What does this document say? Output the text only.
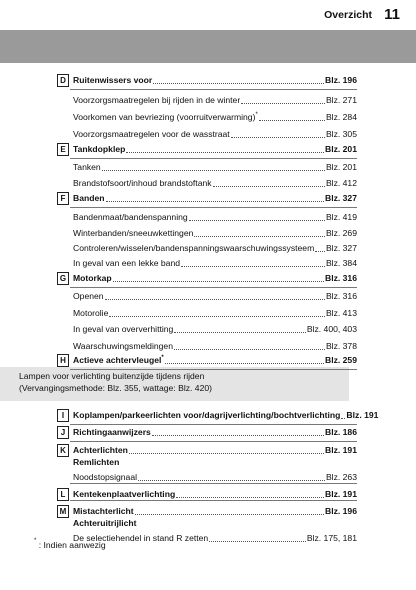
Overzicht 11
Lampen voor verlichting buitenzijde tijdens rijden
(Vervangingsmethode: Blz. 355, wattage: Blz. 420)
D Ruitenwissers voor	Blz. 196
Voorzorgsmaatregelen bij rijden in de winter	Blz. 271
Voorkomen van bevriezing (voorruitverwarming)*	Blz. 284
Voorzorgsmaatregelen voor de wasstraat	Blz. 305
E Tankdopklep	Blz. 201
Tanken	Blz. 201
Brandstofsoort/inhoud brandstoftank	Blz. 412
F Banden	Blz. 327
Bandenmaat/bandenspanning	Blz. 419
Winterbanden/sneeuwkettingen	Blz. 269
Controleren/wisselen/bandenspanningswaarschuwingssysteem Blz. 327
In geval van een lekke band	Blz. 384
G Motorkap	Blz. 316
Openen	Blz. 316
Motorolie	Blz. 413
In geval van oververhitting	Blz. 400, 403
Waarschuwingsmeldingen	Blz. 378
H Actieve achtervleugel*	Blz. 259
I	Koplampen/parkeerlichten voor/dagrijverlichting/bochtverlichting Blz. 191
J Richtingaanwijzers	Blz. 186
K Achterlichten	Blz. 191
Remlichten
Noodstopsignaal	Blz. 263
L Kentekenplaatverlichting	Blz. 191
M Mistachterlicht	Blz. 196
Achteruitrijlicht
De selectiehendel in stand R zetten	Blz. 175, 181
* : Indien aanwezig
